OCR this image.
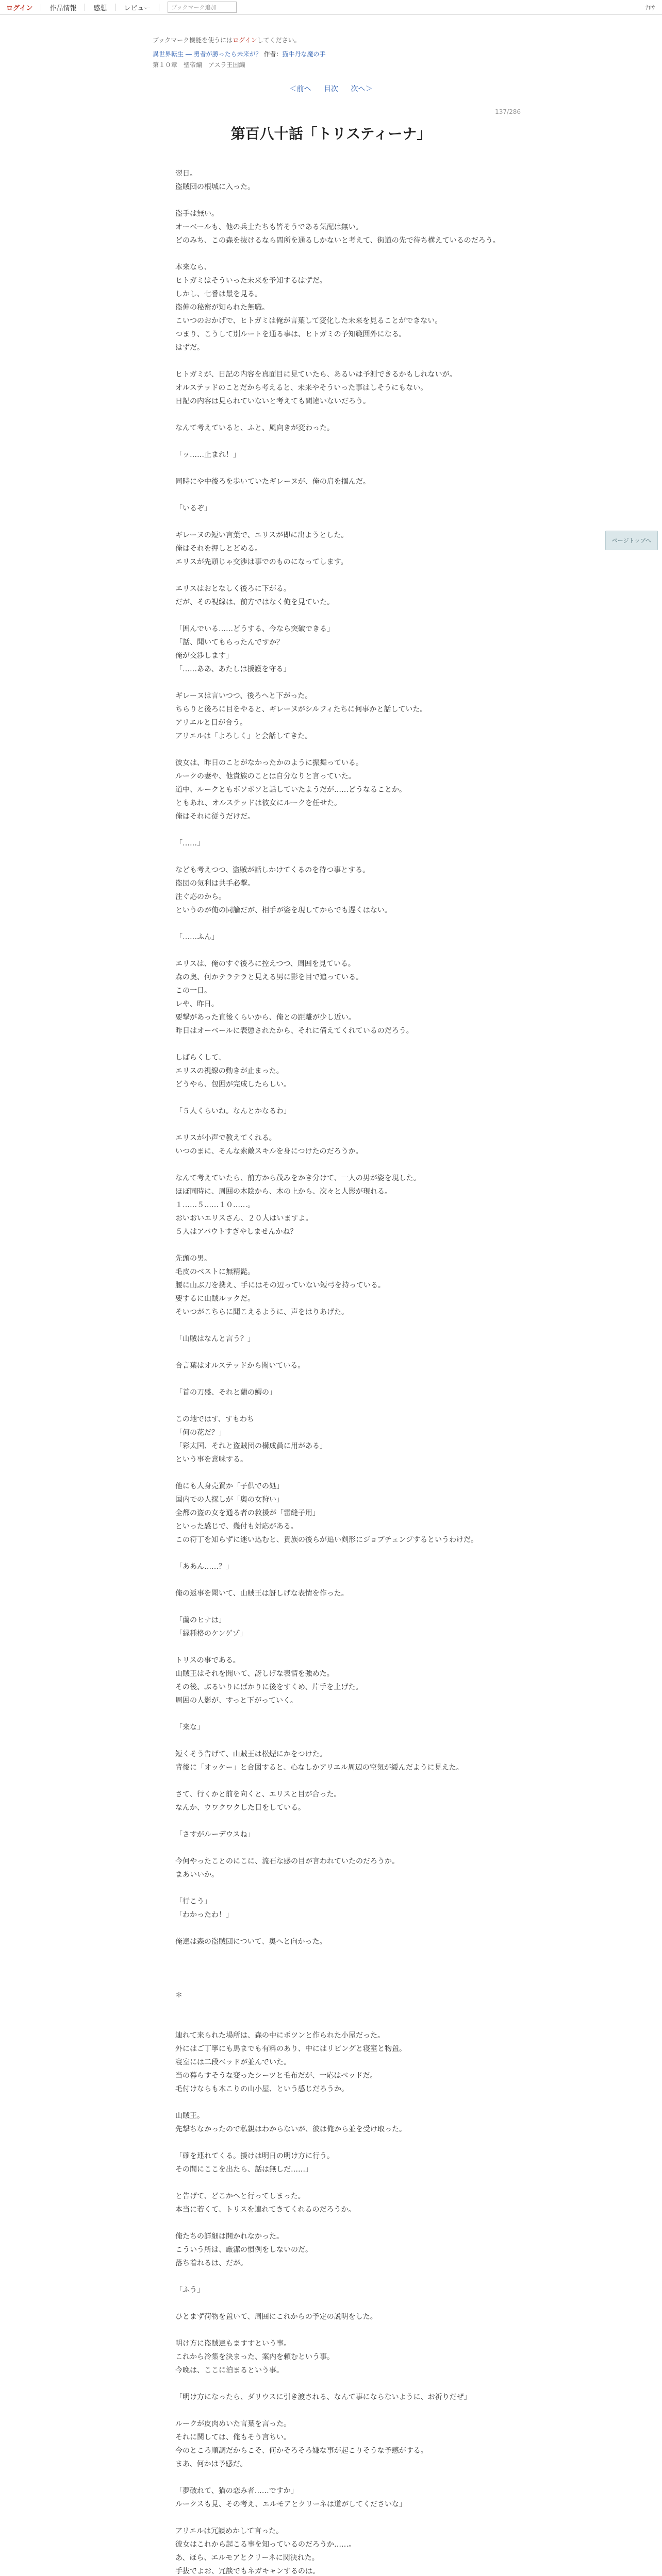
ログイン	作品情報	感想	レビュー	ブックマーク追加	ﾅﾛｳ
ブックマーク機能を使うにはログインしてください。
異世界転生 ― 勇者が勝ったら未来が？ 作者：猫牛丹な魔の手
第１０章　聖帝編　アスラ王国編
＜前へ 目次 次へ＞
137/286
第百八十話「トリスティーナ」

翌日。

盗賊団の根城に入った。

盗手は無い。

オーベールも、他の兵士たちも皆そうである気配は無い。

どのみち、この森を抜けるなら間所を通るしかないと考えて、街道の先で待ち構えているのだろう。

本来なら、

ヒトガミはそういった未来を予知するはずだ。

しかし、七番は最を見る。

盗伸の秘密が知られた無職。

こいつのおかげで、ヒトガミは俺が言葉して変化した未来を見ることができない。

つまり、こうして別ルートを通る事は、ヒトガミの予知範囲外になる。

はずだ。

ヒトガミが、日記の内容を真面目に見ていたら、あるいは予測できるかもしれないが。

オルステッドのことだから考えると、未来やそういった事はしそうにもない。

日記の内容は見られていないと考えても間違いないだろう。

なんて考えていると、ふと、風向きが変わった。

「ッ……止まれ！」

同時にや中後ろを歩いていたギレーヌが、俺の肩を掴んだ。

「いるぞ」

ギレーヌの短い言葉で、エリスが即に出ようとした。

俺はそれを押しとどめる。

エリスが先頭じゃ交渉は事でのものになってします。

エリスはおとなしく後ろに下がる。

だが、その視線は、前方ではなく俺を見ていた。

「囲んでいる……どうする、今なら突破できる」

「話、聞いてもらったんですか？

俺が交渉します」

「……ああ、あたしは援護を守る」

ギレーヌは言いつつ、後ろへと下がった。

ちらりと後ろに目をやると、ギレーヌがシルフィたちに何事かと話していた。

アリエルと目が合う。

アリエルは「よろしく」と会話してきた。

彼女は、昨日のことがなかったかのように振舞っている。

ルークの妻や、他貴族のことは自分なりと言っていた。

道中、ルークともボソボソと話していたようだが……どうなることか。

ともあれ、オルステッドは彼女にルークを任せた。

俺はそれに従うだけだ。

「……」

なども考えつつ、盗賊が話しかけてくるのを待つ事とする。

盗団の気利は共手必撃。

注ぐ応のから。

というのが俺の同論だが、相手が姿を現してからでも遅くはない。

「……ふん」

エリスは、俺のすぐ後ろに控えつつ、周囲を見ている。

森の奥、何かテラテラと見える男に影を目で追っている。

この一日。

レや、昨日。

要撃があった直後くらいから、俺との距離が少し近い。

昨日はオーベールに表懲されたから、それに備えてくれているのだろう。

しばらくして、

エリスの視線の動きが止まった。

どうやら、包囲が完成したらしい。

「５人くらいね。なんとかなるわ」

エリスが小声で教えてくれる。

いつのまに、そんな索敵スキルを身につけたのだろうか。

なんて考えていたら、前方から茂みをかき分けて、一人の男が姿を現した。

ほぼ同時に、周囲の木陰から、木の上から、次々と人影が現れる。

１……５……１０……。

おいおいエリスさん、２０人はいますよ。

５人はアバウトすぎやしませんかね？

先頭の男。

毛皮のベストに無精髭。

腰に山ぶ刀を携え、手にはその辺っていない短弓を持っている。

要するに山賊ルックだ。

そいつがこちらに聞こえるように、声をはりあげた。

「山賊はなんと言う？」

合言葉はオルステッドから聞いている。

「首の刀盛、それと蘭の鰐の」

この地ではす、すもわち

「何の花だ？」

「彩太国、それと盗賊団の構成員に用がある」

という事を意味する。

他にも人身売買か「子供での処」

国内での人探しが「奥の女狩い」

全都の盗の女を通る者の救援が「雷縫子用」

といった感じで、幾付も対応がある。

この符丁を知らずに迷い込むと、貴族の後らが追い剣形にジョブチェンジするというわけだ。

「ああん……？」

俺の返事を聞いて、山賊王は訝しげな表情を作った。

「蘭のヒナは」

「縁種格のケンゲゾ」

トリスの事である。

山賊王はそれを聞いて、訝しげな表情を強めた。

その後、ぶるいりにばかりに後をすくめ、片手を上げた。

周囲の人影が、すっと下がっていく。

「来な」

短くそう告げて、山賊王は松煙にかをつけた。

背後に「オッケー」と合図すると、心なしかアリエル周辺の空気が緩んだように見えた。

さて、行くかと前を向くと、エリスと目が合った。

なんか、ウワクワクした目をしている。

「さすがルーデウスね」

今何やったことのにこに、流石な感の目が言われていたのだろうか。

まあいいか。

「行こう」

「わかったわ！」

俺達は森の盗賊団について、奥へと向かった。

＊

連れて来られた場所は、森の中にポツンと作られた小屋だった。

外にはご丁寧にも馬までも有料のあり、中にはリビングと寝室と物置。

寝室には二段ベッドが並んでいた。

当の暮らすそうな変ったシーツと毛布だが、一応はベッドだ。

毛付けならも木こりの山小屋、という感じだろうか。

山賊王。

先撃ちなかったので私親はわからないが、彼は俺から並を受け取った。

「確を連れてくる。援けは明日の明け方に行う。

その間にここを出たら、話は無しだ……」

と告げて、どこかへと行ってしまった。

本当に若くて、トリスを連れてきてくれるのだろうか。

俺たちの詳細は開かれなかった。

こういう所は、厳潔の慣例をしないのだ。

落ち着れるは、だが。

「ふう」

ひとまず荷物を置いて、周囲にこれからの予定の説明をした。

明け方に盗賊達もますすという事。

これから冷集を決まった、案内を頼むという事。

今晩は、ここに泊まるという事。

「明け方になったら、ダリウスに引き渡される、なんて事にならないように、お祈りだぜ」

ルークが皮肉めいた言葉を言った。

それに関しては、俺もそう言ちい。

今のところ順調だからこそ、何かそろそろ嫌な事が起こりそうな予感がする。

まあ、何かは予感だ。

「夢破れて、猫の恋み者……ですか」

ルークスも見、その考え、エルモアとクリーネは道がしてくださいな」

アリエルは冗談めかして言った。

彼女はこれから起こる事を知っているのだろうか……。

あ、ほら、エルモアとクリーネに関決れた。

手抜でよお、冗談でもネガキャンするのは。

ページトップへ
